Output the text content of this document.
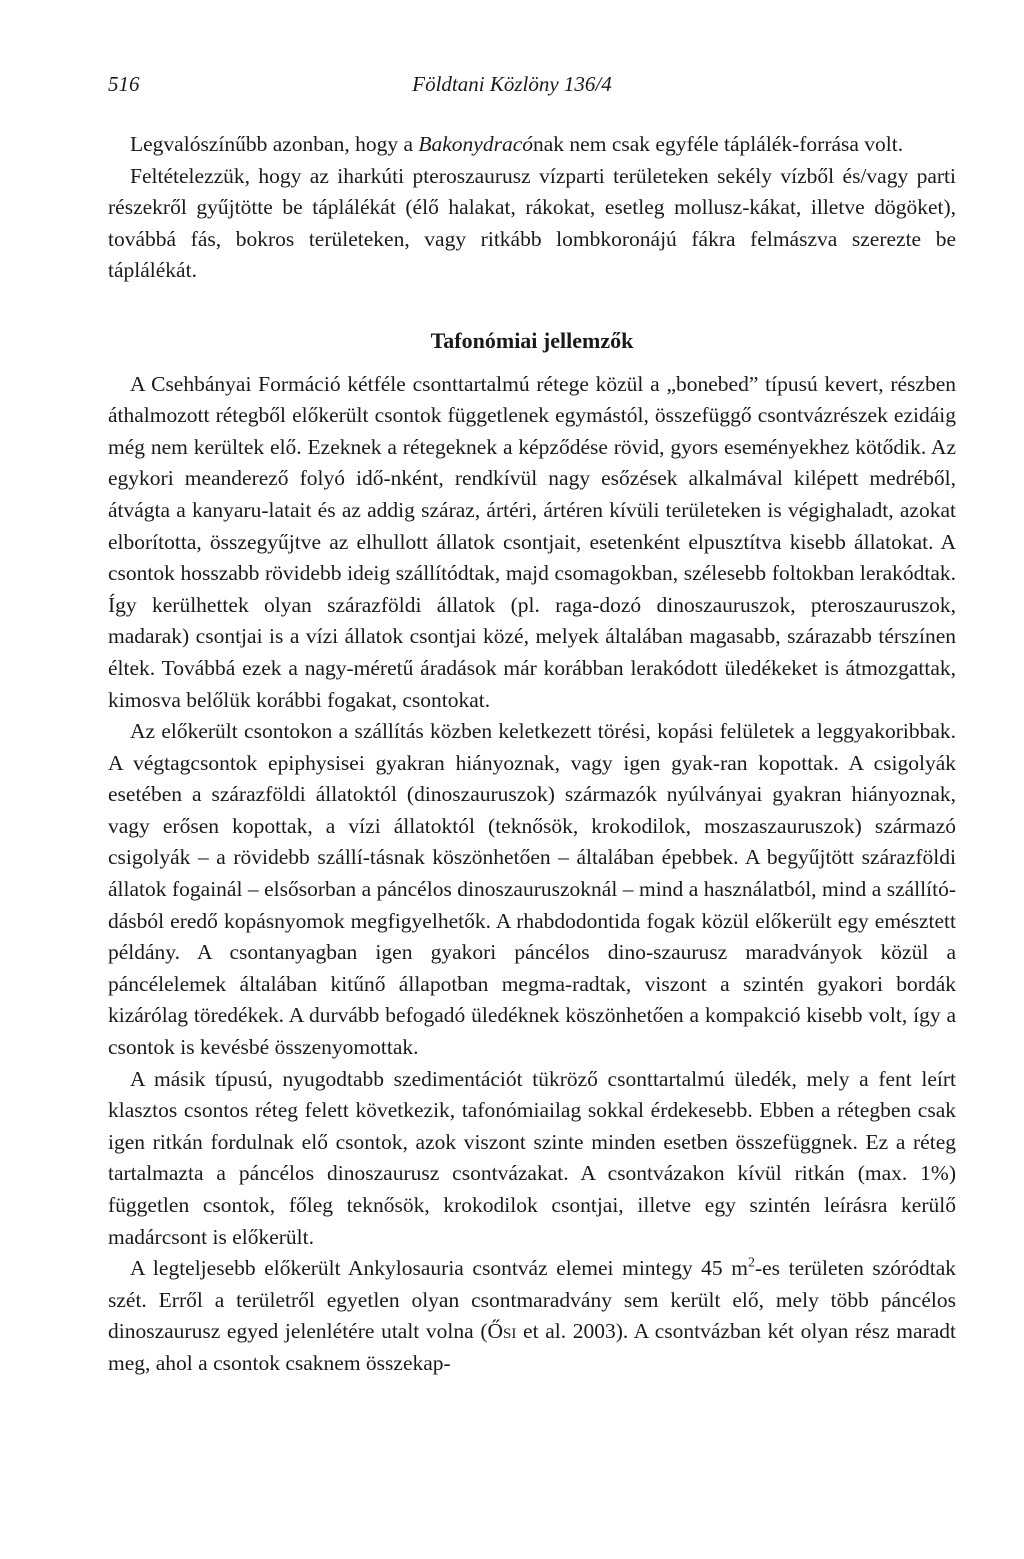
516	Földtani Közlöny 136/4

Legvalószínűbb azonban, hogy a Bakonydracónak nem csak egyféle táplálék-forrása volt.

Feltételezzük, hogy az iharkúti pteroszaurusz vízparti területeken sekély vízből és/vagy parti részekről gyűjtötte be táplálékát (élő halakat, rákokat, esetleg mollusz-kákat, illetve dögöket), továbbá fás, bokros területeken, vagy ritkább lombkoronájú fákra felmászva szerezte be táplálékát.

Tafonómiai jellemzők

A Csehbányai Formáció kétféle csonttartalmú rétege közül a „bonebed” típusú kevert, részben áthalmozott rétegből előkerült csontok függetlenek egymástól, összefüggő csontvázrészek ezidáig még nem kerültek elő. Ezeknek a rétegeknek a képződése rövid, gyors eseményekhez kötődik. Az egykori meanderező folyó idő-nként, rendkívül nagy esőzések alkalmával kilépett medréből, átvágta a kanyaru-latait és az addig száraz, ártéri, ártéren kívüli területeken is végighaladt, azokat elborította, összegyűjtve az elhullott állatok csontjait, esetenként elpusztítva kisebb állatokat. A csontok hosszabb rövidebb ideig szállítódtak, majd csomagokban, szélesebb foltokban lerakódtak. Így kerülhettek olyan szárazföldi állatok (pl. raga-dozó dinoszauruszok, pteroszauruszok, madarak) csontjai is a vízi állatok csontjai közé, melyek általában magasabb, szárazabb térszínen éltek. Továbbá ezek a nagy-méretű áradások már korábban lerakódott üledékeket is átmozgattak, kimosva belőlük korábbi fogakat, csontokat.

Az előkerült csontokon a szállítás közben keletkezett törési, kopási felületek a leggyakoribbak. A végtagcsontok epiphysisei gyakran hiányoznak, vagy igen gyak-ran kopottak. A csigolyák esetében a szárazföldi állatoktól (dinoszauruszok) származók nyúlványai gyakran hiányoznak, vagy erősen kopottak, a vízi állatoktól (teknősök, krokodilok, moszaszauruszok) származó csigolyák – a rövidebb szállí-tásnak köszönhetően – általában épebbek. A begyűjtött szárazföldi állatok fogainál – elsősorban a páncélos dinoszauruszoknál – mind a használatból, mind a szállító-dásból eredő kopásnyomok megfigyelhetők. A rhabdodontida fogak közül előkerült egy emésztett példány. A csontanyagban igen gyakori páncélos dino-szaurusz maradványok közül a páncélelemek általában kitűnő állapotban megma-radtak, viszont a szintén gyakori bordák kizárólag töredékek. A durvább befogadó üledéknek köszönhetően a kompakció kisebb volt, így a csontok is kevésbé összenyomottak.

A másik típusú, nyugodtabb szedimentációt tükröző csonttartalmú üledék, mely a fent leírt klasztos csontos réteg felett következik, tafonómiailag sokkal érdekesebb. Ebben a rétegben csak igen ritkán fordulnak elő csontok, azok viszont szinte minden esetben összefüggnek. Ez a réteg tartalmazta a páncélos dinoszaurusz csontvázakat. A csontvázakon kívül ritkán (max. 1%) független csontok, főleg teknősök, krokodilok csontjai, illetve egy szintén leírásra kerülő madárcsont is előkerült.

A legteljesebb előkerült Ankylosauria csontváz elemei mintegy 45 $m^2-es$ területen szóródtak szét. Erről a területről egyetlen olyan csontmaradvány sem került elő, mely több páncélos dinoszaurusz egyed jelenlétére utalt volna (Ősi et al. 2003). A csontvázban két olyan rész maradt meg, ahol a csontok csaknem összekap-
